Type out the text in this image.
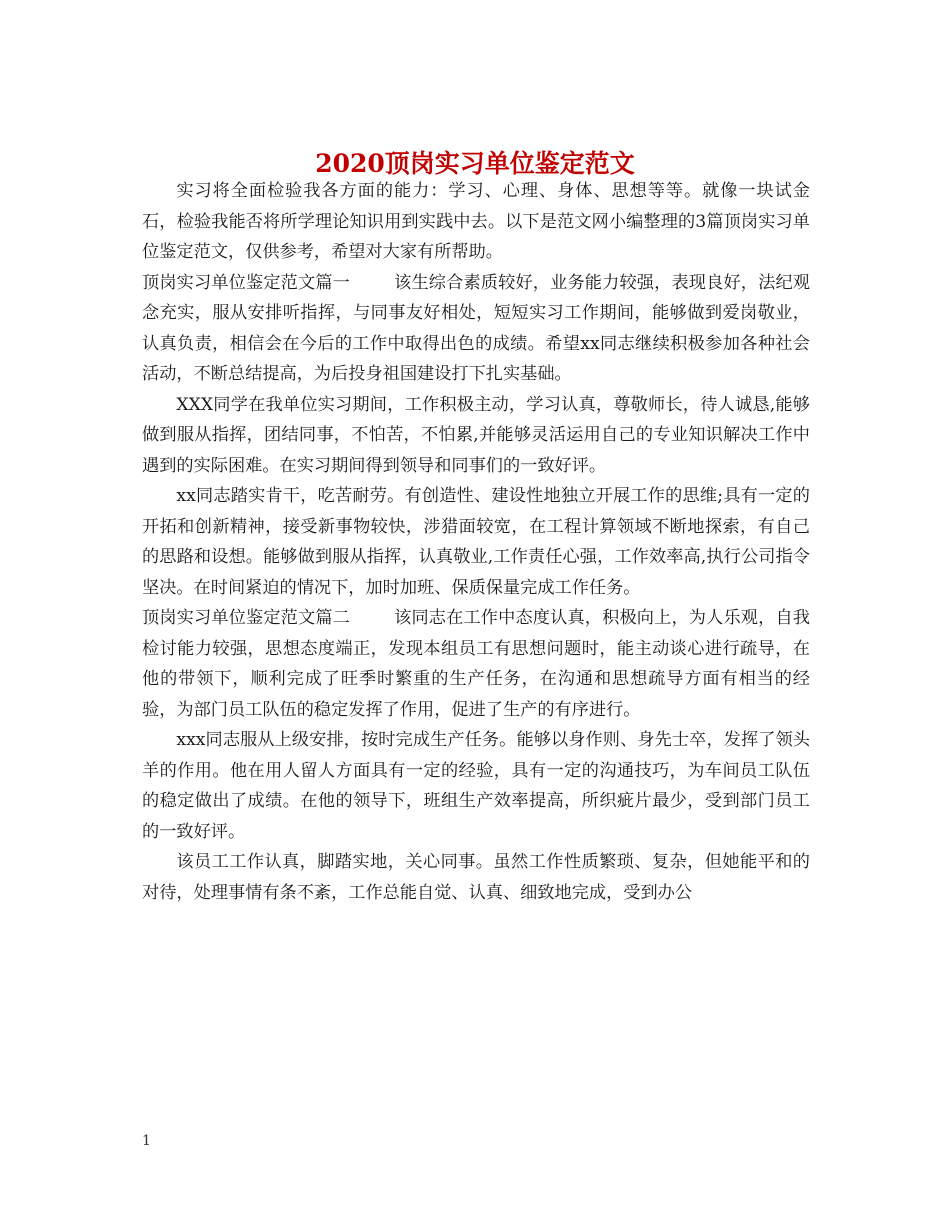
2020顶岗实习单位鉴定范文

实习将全面检验我各方面的能力：学习、心理、身体、思想等等。就像一块试金石，检验我能否将所学理论知识用到实践中去。以下是范文网小编整理的3篇顶岗实习单位鉴定范文，仅供参考，希望对大家有所帮助。

顶岗实习单位鉴定范文篇一	该生综合素质较好，业务能力较强，表现良好，法纪观念充实，服从安排听指挥，与同事友好相处，短短实习工作期间，能够做到爱岗敬业，认真负责，相信会在今后的工作中取得出色的成绩。希望xx同志继续积极参加各种社会活动，不断总结提高，为后投身祖国建设打下扎实基础。

XXX同学在我单位实习期间，工作积极主动，学习认真，尊敬师长，待人诚恳,能够做到服从指挥，团结同事，不怕苦，不怕累,并能够灵活运用自己的专业知识解决工作中遇到的实际困难。在实习期间得到领导和同事们的一致好评。

xx同志踏实肯干，吃苦耐劳。有创造性、建设性地独立开展工作的思维;具有一定的开拓和创新精神，接受新事物较快，涉猎面较宽，在工程计算领域不断地探索，有自己的思路和设想。能够做到服从指挥，认真敬业,工作责任心强，工作效率高,执行公司指令坚决。在时间紧迫的情况下，加时加班、保质保量完成工作任务。

顶岗实习单位鉴定范文篇二	该同志在工作中态度认真，积极向上，为人乐观，自我检讨能力较强，思想态度端正，发现本组员工有思想问题时，能主动谈心进行疏导，在他的带领下，顺利完成了旺季时繁重的生产任务，在沟通和思想疏导方面有相当的经验，为部门员工队伍的稳定发挥了作用，促进了生产的有序进行。

xxx同志服从上级安排，按时完成生产任务。能够以身作则、身先士卒，发挥了领头羊的作用。他在用人留人方面具有一定的经验，具有一定的沟通技巧，为车间员工队伍的稳定做出了成绩。在他的领导下，班组生产效率提高，所织疵片最少，受到部门员工的一致好评。

该员工工作认真，脚踏实地，关心同事。虽然工作性质繁琐、复杂，但她能平和的对待，处理事情有条不紊，工作总能自觉、认真、细致地完成，受到办公

1
